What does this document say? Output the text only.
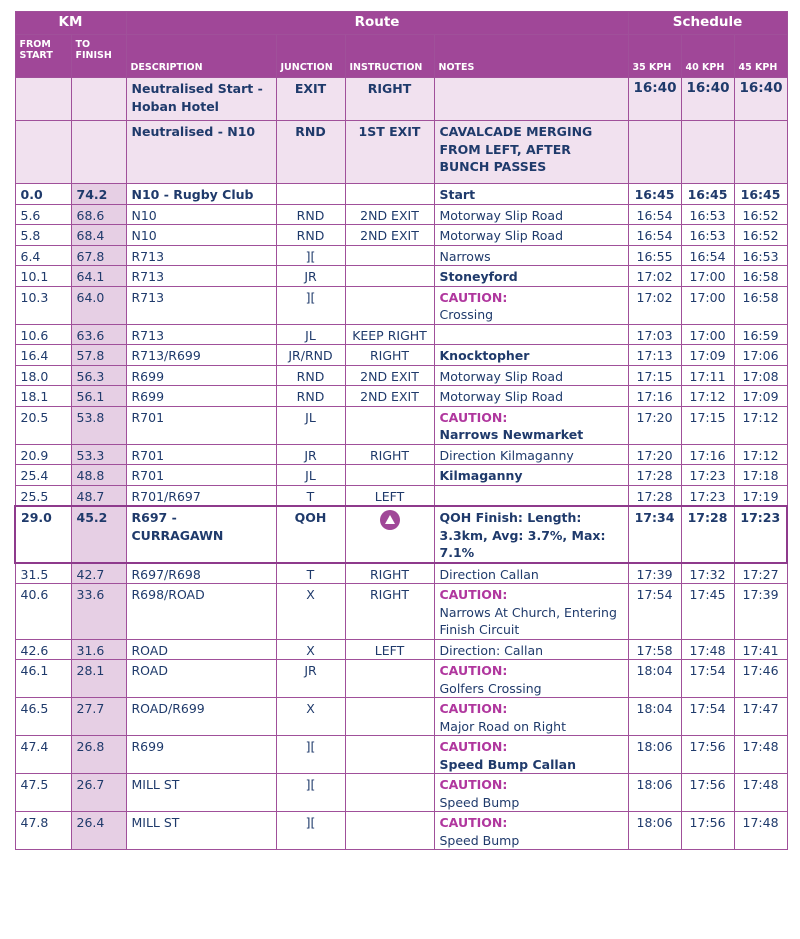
KM		Route				Schedule		
FROM START	TO FINISH	DESCRIPTION	JUNCTION	INSTRUCTION	NOTES	35 KPH	40 KPH	45 KPH
		Neutralised Start - Hoban Hotel	EXIT	RIGHT		16:40	16:40	16:40
		Neutralised - N10	RND	1ST EXIT	CAVALCADE MERGING FROM LEFT, AFTER BUNCH PASSES			
0.0	74.2	N10 - Rugby Club			Start	16:45	16:45	16:45
5.6	68.6	N10	RND	2ND EXIT	Motorway Slip Road	16:54	16:53	16:52
5.8	68.4	N10	RND	2ND EXIT	Motorway Slip Road	16:54	16:53	16:52
6.4	67.8	R713	][		Narrows	16:55	16:54	16:53
10.1	64.1	R713	JR		Stoneyford	17:02	17:00	16:58
10.3	64.0	R713	][		CAUTION:
Crossing	17:02	17:00	16:58
10.6	63.6	R713	JL	KEEP RIGHT		17:03	17:00	16:59
16.4	57.8	R713/R699	JR/RND	RIGHT	Knocktopher	17:13	17:09	17:06
18.0	56.3	R699	RND	2ND EXIT	Motorway Slip Road	17:15	17:11	17:08
18.1	56.1	R699	RND	2ND EXIT	Motorway Slip Road	17:16	17:12	17:09
20.5	53.8	R701	JL		CAUTION:
Narrows Newmarket	17:20	17:15	17:12
20.9	53.3	R701	JR	RIGHT	Direction Kilmaganny	17:20	17:16	17:12
25.4	48.8	R701	JL		Kilmaganny	17:28	17:23	17:18
25.5	48.7	R701/R697	T	LEFT		17:28	17:23	17:19
29.0	45.2	R697 - CURRAGAWN	QOH		QOH Finish: Length: 3.3km, Avg: 3.7%, Max: 7.1%	17:34	17:28	17:23
31.5	42.7	R697/R698	T	RIGHT	Direction Callan	17:39	17:32	17:27
40.6	33.6	R698/ROAD	X	RIGHT	CAUTION:
Narrows At Church, Entering Finish Circuit	17:54	17:45	17:39
42.6	31.6	ROAD	X	LEFT	Direction: Callan	17:58	17:48	17:41
46.1	28.1	ROAD	JR		CAUTION:
Golfers Crossing	18:04	17:54	17:46
46.5	27.7	ROAD/R699	X		CAUTION:
Major Road on Right	18:04	17:54	17:47
47.4	26.8	R699	][		CAUTION:
Speed Bump Callan	18:06	17:56	17:48
47.5	26.7	MILL ST	][		CAUTION:
Speed Bump	18:06	17:56	17:48
47.8	26.4	MILL ST	][		CAUTION:
Speed Bump	18:06	17:56	17:48
